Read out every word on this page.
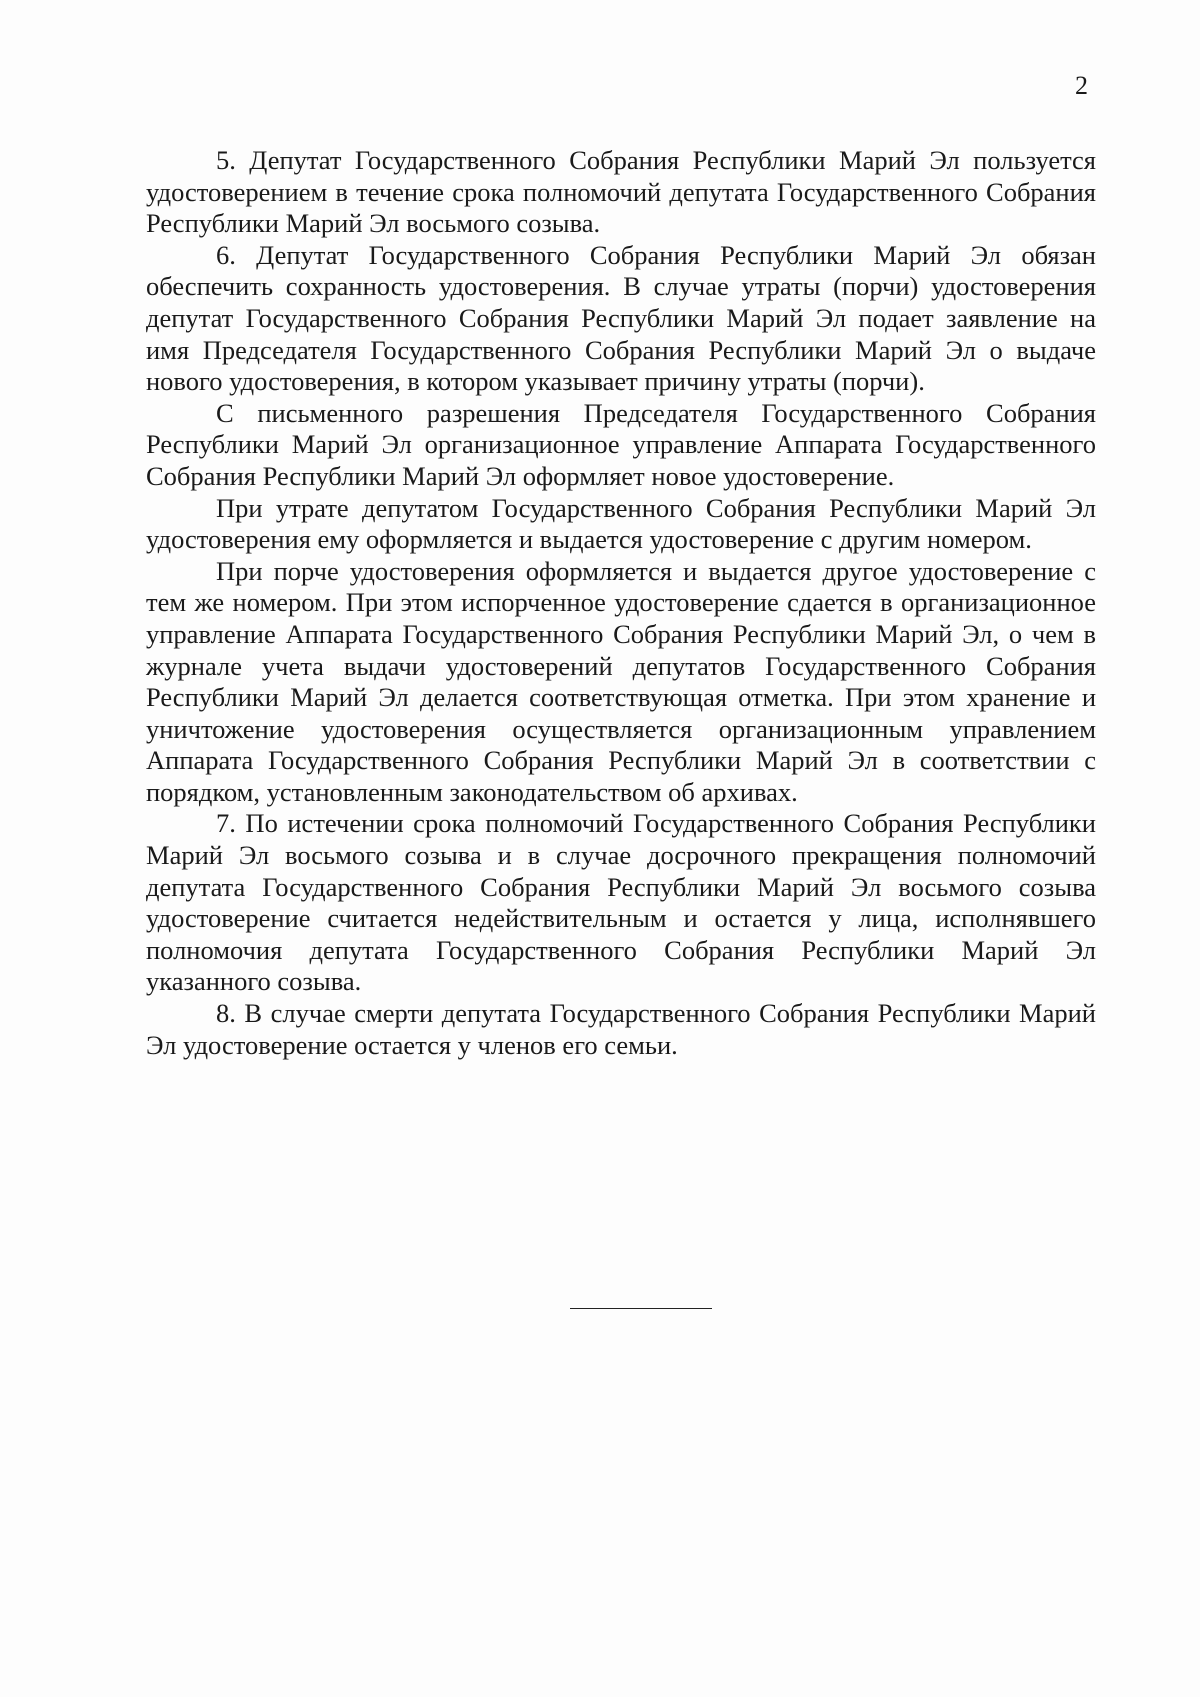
2

5. Депутат Государственного Собрания Республики Марий Эл пользуется удостоверением в течение срока полномочий депутата Государственного Собрания Республики Марий Эл восьмого созыва.

6. Депутат Государственного Собрания Республики Марий Эл обязан обеспечить сохранность удостоверения. В случае утраты (порчи) удостоверения депутат Государственного Собрания Республики Марий Эл подает заявление на имя Председателя Государственного Собрания Республики Марий Эл о выдаче нового удостоверения, в котором указывает причину утраты (порчи).

С письменного разрешения Председателя Государственного Собрания Республики Марий Эл организационное управление Аппарата Государственного Собрания Республики Марий Эл оформляет новое удостоверение.

При утрате депутатом Государственного Собрания Республики Марий Эл удостоверения ему оформляется и выдается удостоверение с другим номером.

При порче удостоверения оформляется и выдается другое удостоверение с тем же номером. При этом испорченное удостоверение сдается в организационное управление Аппарата Государственного Собрания Республики Марий Эл, о чем в журнале учета выдачи удостоверений депутатов Государственного Собрания Республики Марий Эл делается соответствующая отметка. При этом хранение и уничтожение удостоверения осуществляется организационным управлением Аппарата Государственного Собрания Республики Марий Эл в соответствии с порядком, установленным законодательством об архивах.

7. По истечении срока полномочий Государственного Собрания Республики Марий Эл восьмого созыва и в случае досрочного прекращения полномочий депутата Государственного Собрания Республики Марий Эл восьмого созыва удостоверение считается недействительным и остается у лица, исполнявшего полномочия депутата Государственного Собрания Республики Марий Эл указанного созыва.

8. В случае смерти депутата Государственного Собрания Республики Марий Эл удостоверение остается у членов его семьи.
